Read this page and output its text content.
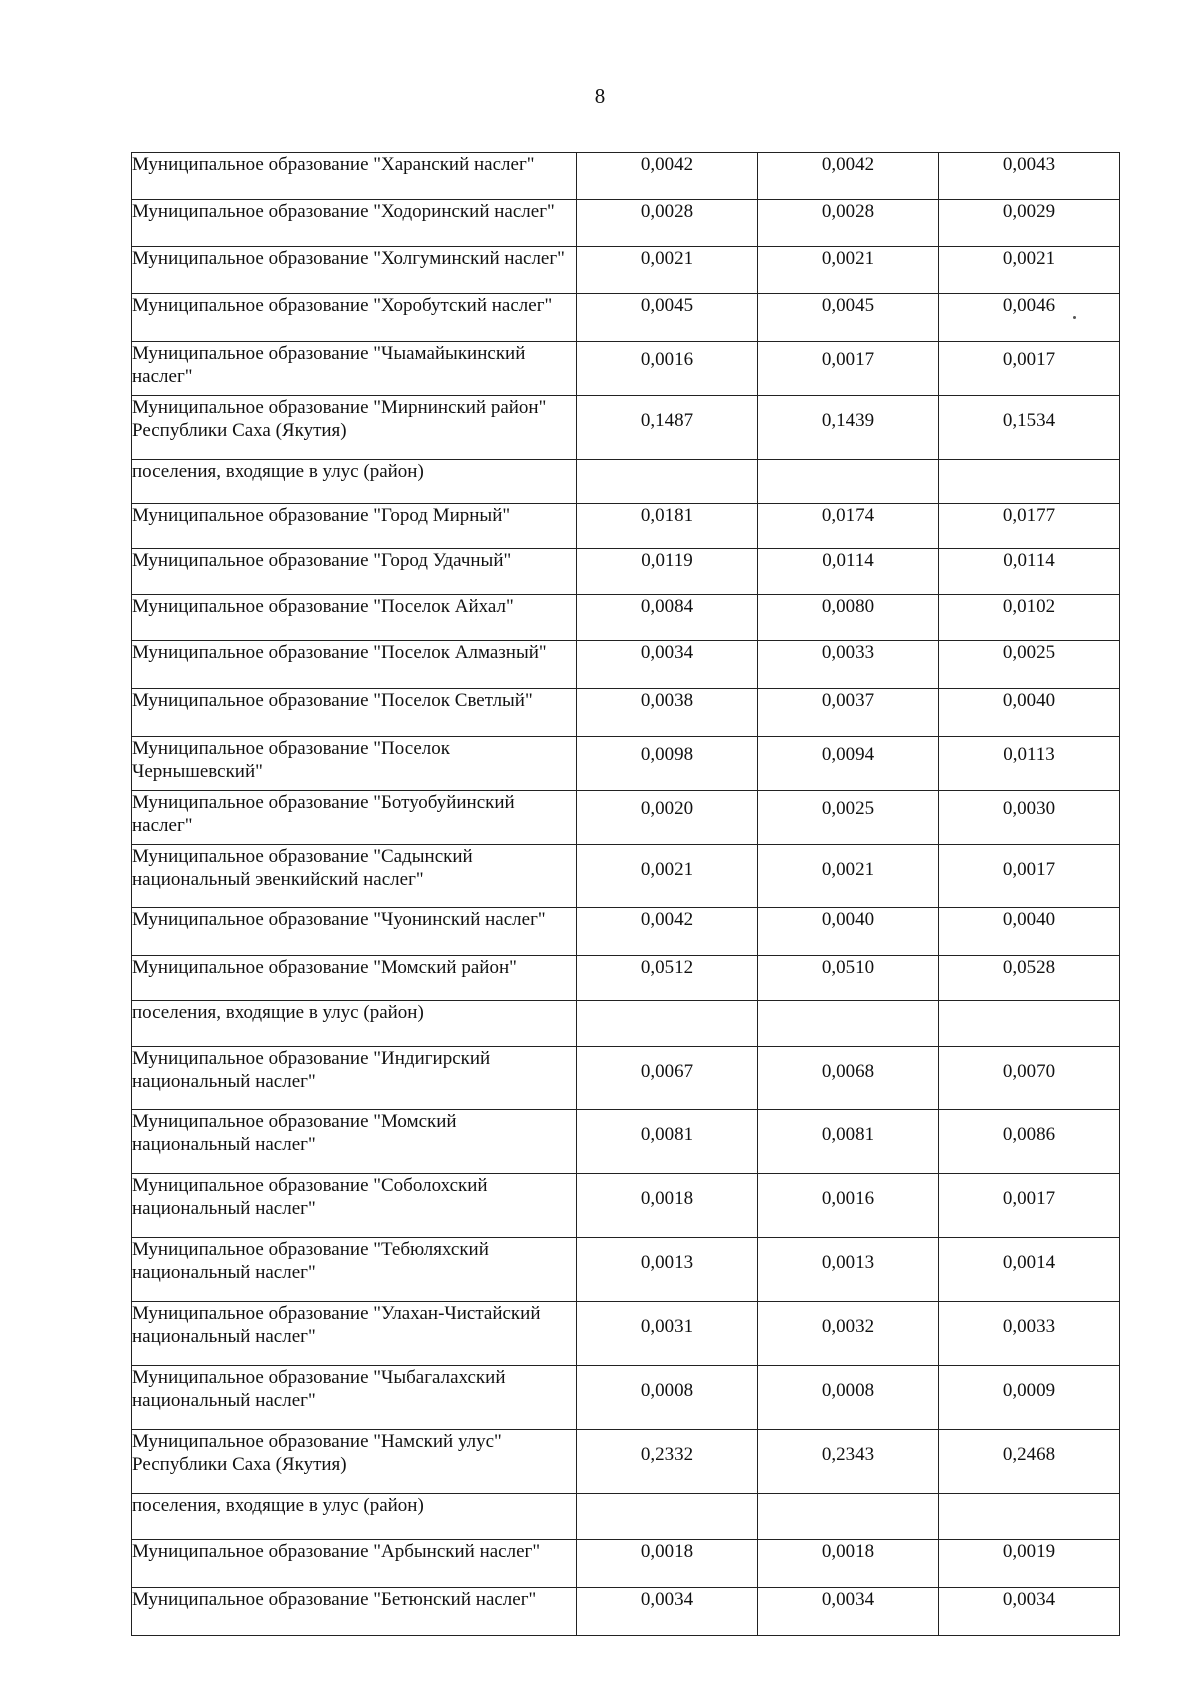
8
Муниципальное образование "Харанский наслег"	0,0042	0,0042	0,0043
Муниципальное образование "Ходоринский наслег"	0,0028	0,0028	0,0029
Муниципальное образование "Холгуминский наслег"	0,0021	0,0021	0,0021
Муниципальное образование "Хоробутский наслег"	0,0045	0,0045	0,0046
Муниципальное образование "Чыамайыкинский наслег"	0,0016	0,0017	0,0017
Муниципальное образование "Мирнинский район" Республики Саха (Якутия)	0,1487	0,1439	0,1534
поселения, входящие в улус (район)			
Муниципальное образование "Город Мирный"	0,0181	0,0174	0,0177
Муниципальное образование "Город Удачный"	0,0119	0,0114	0,0114
Муниципальное образование "Поселок Айхал"	0,0084	0,0080	0,0102
Муниципальное образование "Поселок Алмазный"	0,0034	0,0033	0,0025
Муниципальное образование "Поселок Светлый"	0,0038	0,0037	0,0040
Муниципальное образование "Поселок Чернышевский"	0,0098	0,0094	0,0113
Муниципальное образование "Ботуобуйинский наслег"	0,0020	0,0025	0,0030
Муниципальное образование "Садынский национальный эвенкийский наслег"	0,0021	0,0021	0,0017
Муниципальное образование "Чуонинский наслег"	0,0042	0,0040	0,0040
Муниципальное образование "Момский район"	0,0512	0,0510	0,0528
поселения, входящие в улус (район)			
Муниципальное образование "Индигирский национальный наслег"	0,0067	0,0068	0,0070
Муниципальное образование "Момский национальный наслег"	0,0081	0,0081	0,0086
Муниципальное образование "Соболохский национальный наслег"	0,0018	0,0016	0,0017
Муниципальное образование "Тебюляхский национальный наслег"	0,0013	0,0013	0,0014
Муниципальное образование "Улахан-Чистайский национальный наслег"	0,0031	0,0032	0,0033
Муниципальное образование "Чыбагалахский национальный наслег"	0,0008	0,0008	0,0009
Муниципальное образование "Намский улус" Республики Саха (Якутия)	0,2332	0,2343	0,2468
поселения, входящие в улус (район)			
Муниципальное образование "Арбынский наслег"	0,0018	0,0018	0,0019
Муниципальное образование "Бетюнский наслег"	0,0034	0,0034	0,0034
